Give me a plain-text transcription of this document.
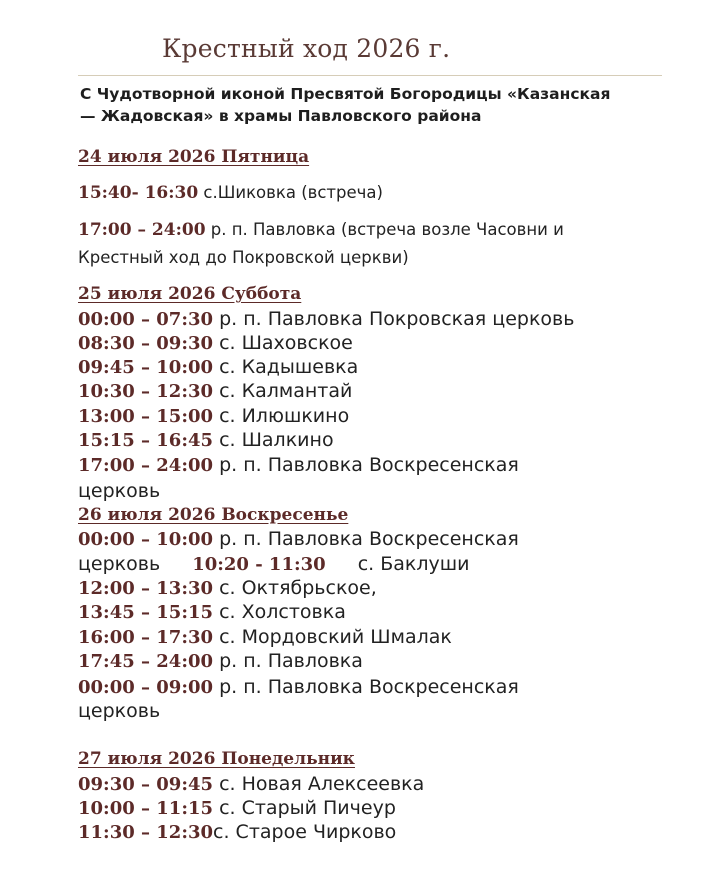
Крестный ход 2026 г.
С Чудотворной иконой Пресвятой Богородицы «Казанская
— Жадовская» в храмы Павловского района
24 июля 2026 Пятница
15:40- 16:30 с.Шиковка (встреча)
17:00 – 24:00 р. п. Павловка (встреча возле Часовни и
Крестный ход до Покровской церкви)
25 июля 2026 Суббота
00:00 – 07:30 р. п. Павловка Покровская церковь
08:30 – 09:30 с. Шаховское
09:45 – 10:00 с. Кадышевка
10:30 – 12:30 с. Калмантай
13:00 – 15:00 с. Илюшкино
15:15 – 16:45 с. Шалкино
17:00 – 24:00 р. п. Павловка Воскресенская
церковь
26 июля 2026 Воскресенье
00:00 – 10:00 р. п. Павловка Воскресенская
церковь 10:20 - 11:30 с. Баклуши
12:00 – 13:30 с. Октябрьское,
13:45 – 15:15 с. Холстовка
16:00 – 17:30 с. Мордовский Шмалак
17:45 – 24:00 р. п. Павловка
00:00 – 09:00 р. п. Павловка Воскресенская
церковь
27 июля 2026 Понедельник
09:30 – 09:45 с. Новая Алексеевка
10:00 – 11:15 с. Старый Пичеур
11:30 – 12:30с. Старое Чирково
